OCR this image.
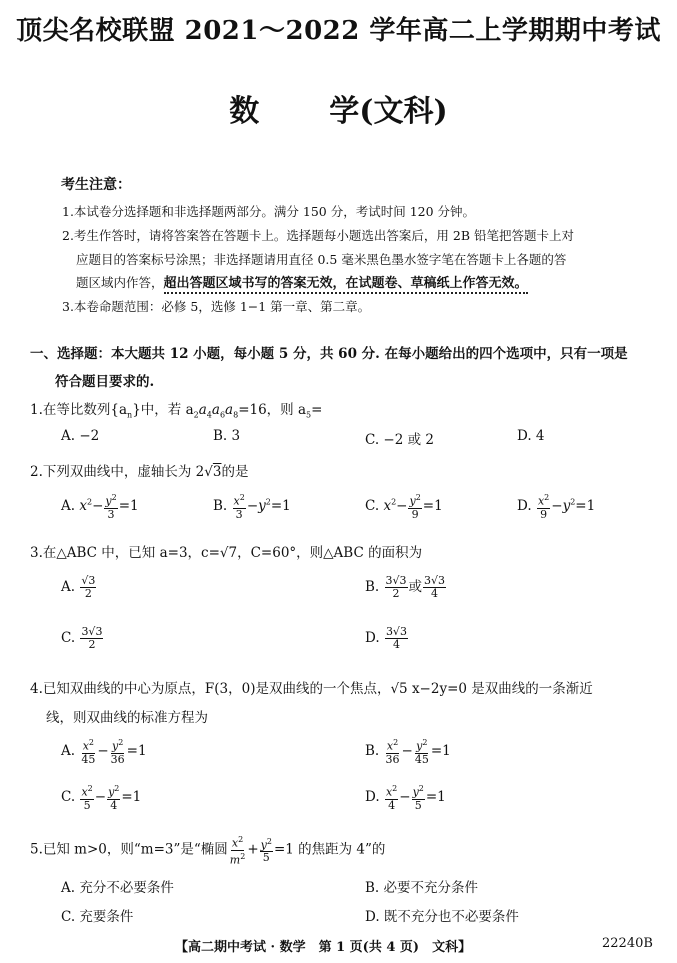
顶尖名校联盟 2021～2022 学年高二上学期期中考试
数 学(文科)
考生注意：
1.本试卷分选择题和非选择题两部分。满分 150 分，考试时间 120 分钟。
2.考生作答时，请将答案答在答题卡上。选择题每小题选出答案后，用 2B 铅笔把答题卡上对
应题目的答案标号涂黑；非选择题请用直径 0.5 毫米黑色墨水签字笔在答题卡上各题的答
题区域内作答，超出答题区域书写的答案无效，在试题卷、草稿纸上作答无效。
3.本卷命题范围：必修 5，选修 1−1 第一章、第二章。
一、选择题：本大题共 12 小题，每小题 5 分，共 60 分. 在每小题给出的四个选项中，只有一项是
符合题目要求的.
1.在等比数列$\{a_n\}$中，若 $a_2a_4a_6a_8=16$，则 $a_5=$
A. −2	B. 3	C. −2 或 2	D. 4
2.下列双曲线中，虚轴长为 2√3的是
A. $x^2- \frac{y^2}{3} =1$	B. $\frac{x^2}{3} -y^2=1$	C. $x^2- \frac{y^2}{9} =1$	D. $\frac{x^2}{9} -y^2=1$
3.在△ABC 中，已知 a=3，c=√7，C=60°，则△ABC 的面积为
A. $\frac{√3}{2}$	B. $\frac{3√3}{2}$ 或 $\frac{3√3}{4}$
C. $\frac{3√3}{2}$	D. $\frac{3√3}{4}$
4.已知双曲线的中心为原点，F(3，0)是双曲线的一个焦点，√5 x−2y=0 是双曲线的一条渐近
线，则双曲线的标准方程为
A. $\frac{x^2}{45} - \frac{y^2}{36} =1$	B. $\frac{x^2}{36} - \frac{y^2}{45} =1$
C. $\frac{x^2}{5} - \frac{y^2}{4} =1$	D. $\frac{x^2}{4} - \frac{y^2}{5} =1$
5.已知 m>0，则“m=3”是“椭圆 $\frac{x^2}{m^2} + \frac{y^2}{5} =1$ 的焦距为 4”的
A. 充分不必要条件	B. 必要不充分条件
C. 充要条件	D. 既不充分也不必要条件
【高二期中考试 · 数学　第 1 页(共 4 页)　文科】	22240B
